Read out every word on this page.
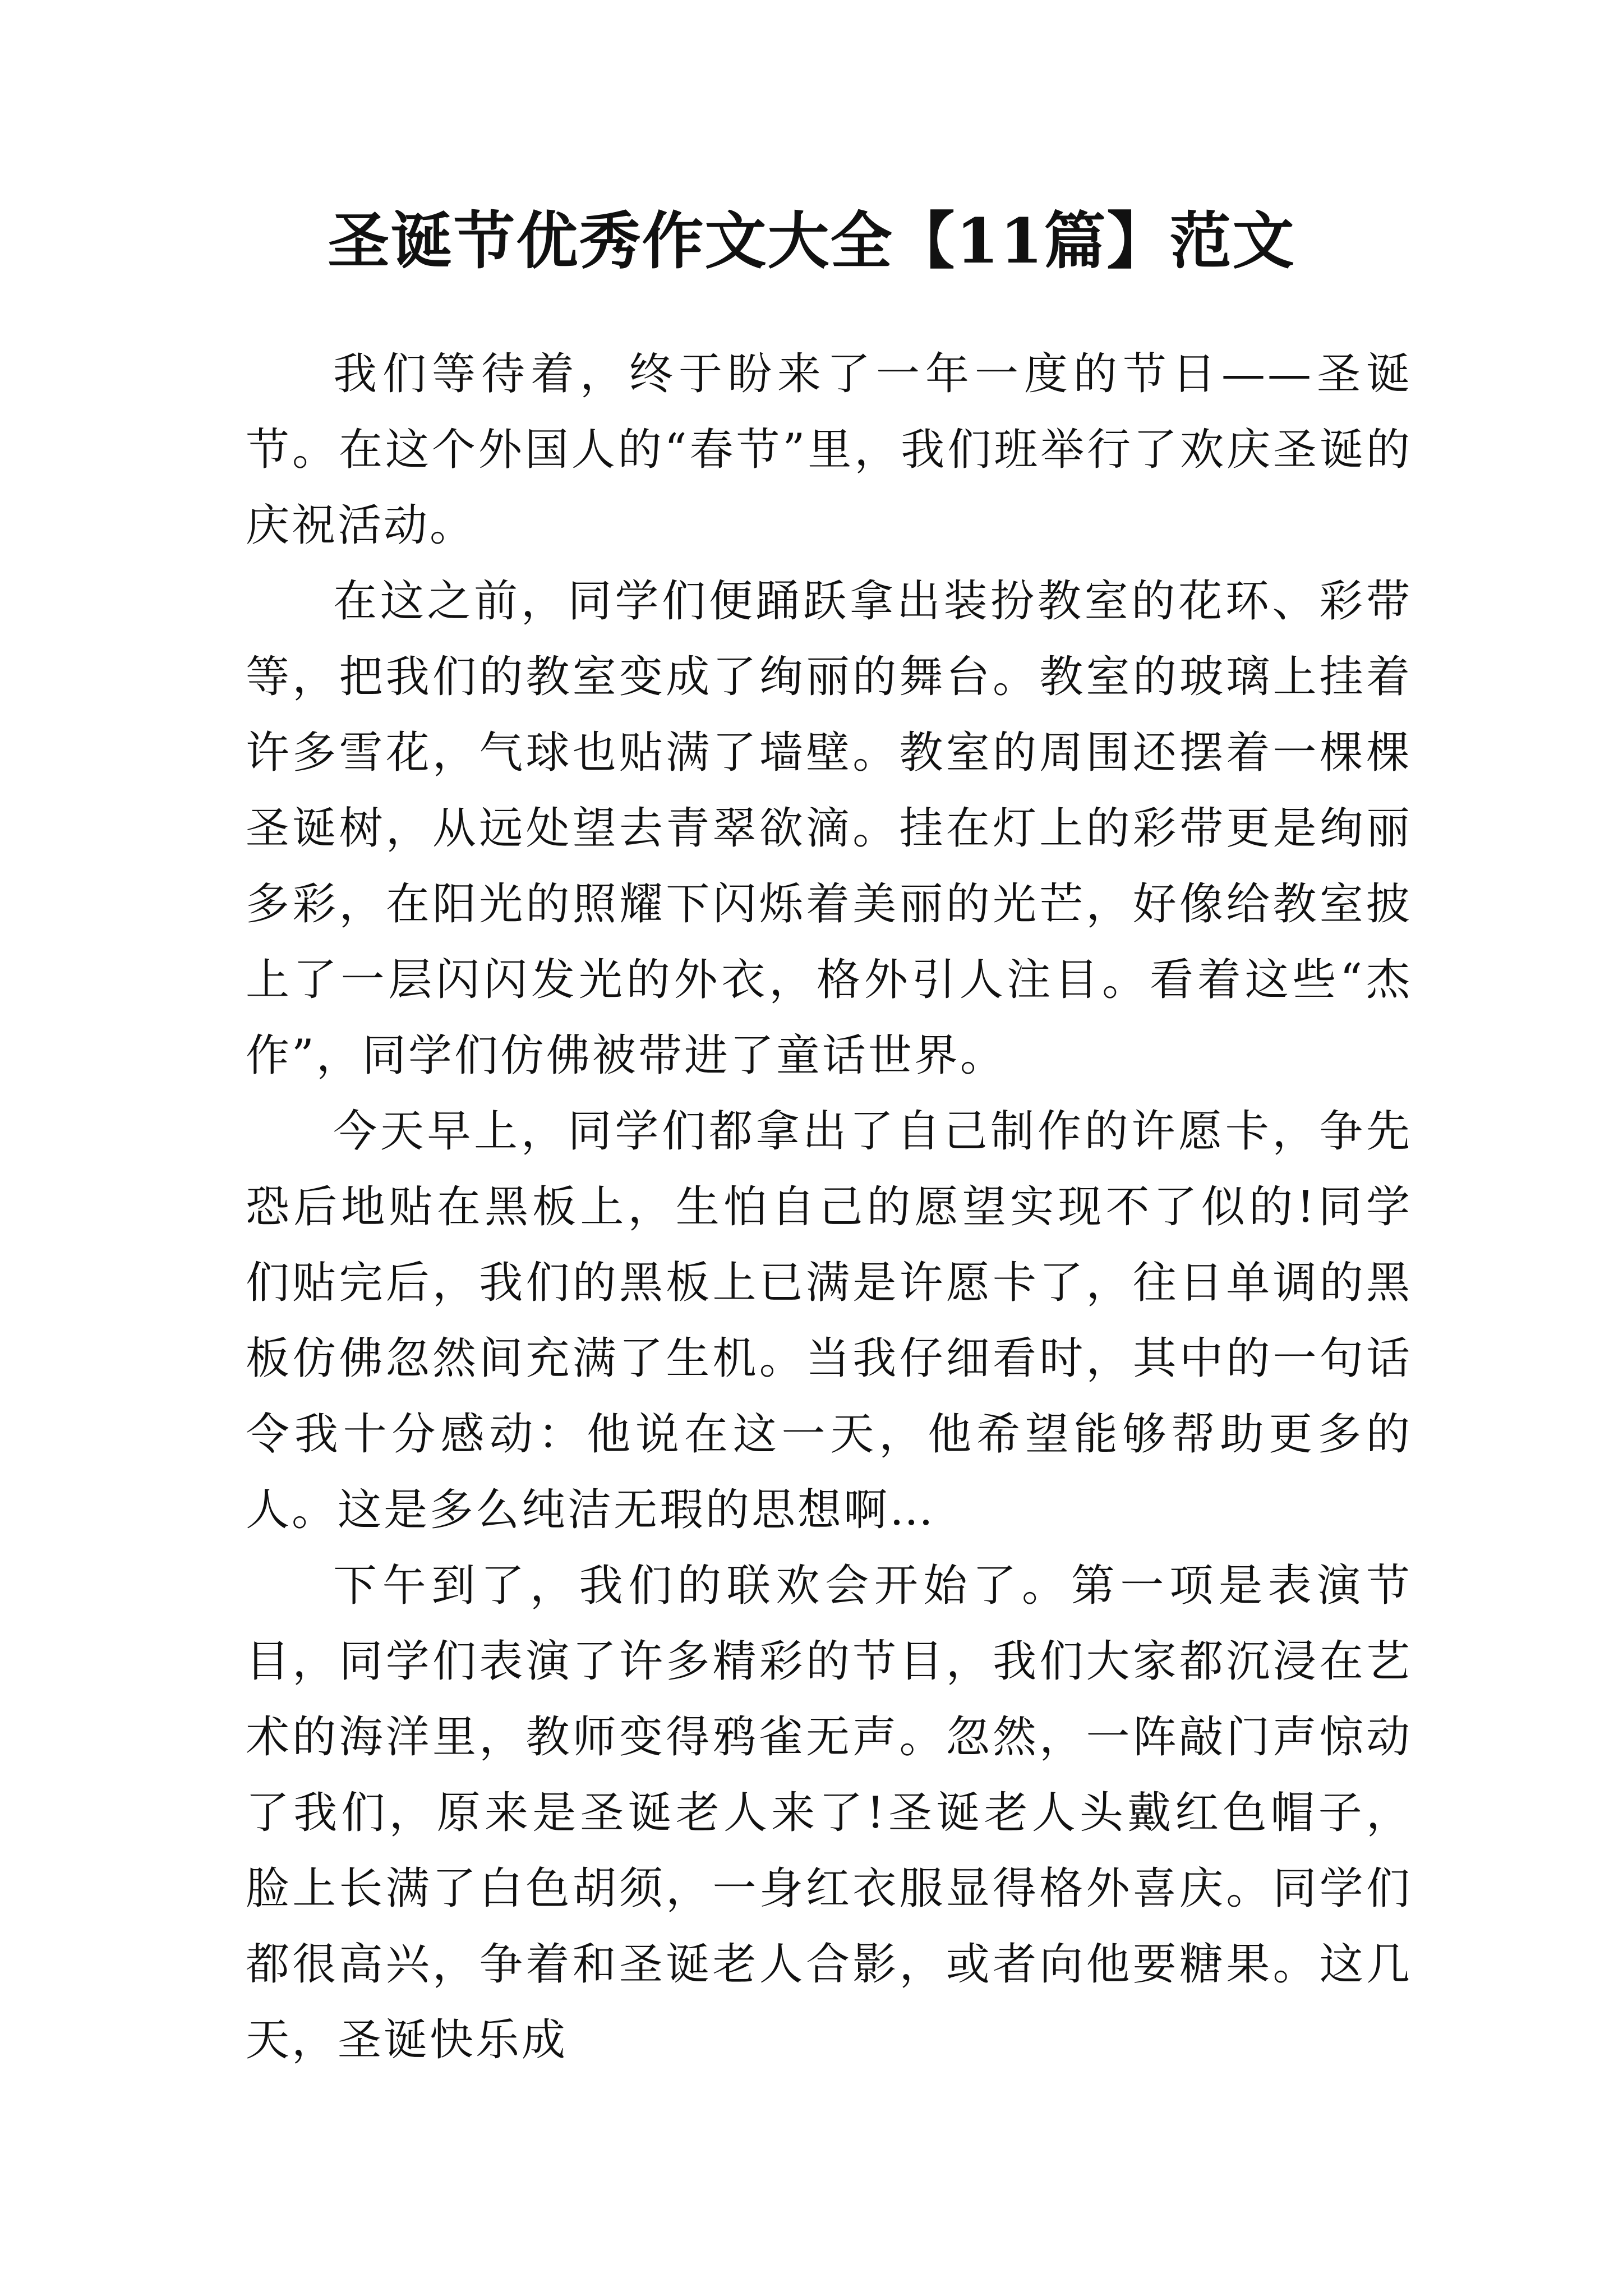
圣诞节优秀作文大全【11篇】范文

我们等待着，终于盼来了一年一度的节日——圣诞节。在这个外国人的“春节”里，我们班举行了欢庆圣诞的庆祝活动。

在这之前，同学们便踊跃拿出装扮教室的花环、彩带等，把我们的教室变成了绚丽的舞台。教室的玻璃上挂着许多雪花，气球也贴满了墙壁。教室的周围还摆着一棵棵圣诞树，从远处望去青翠欲滴。挂在灯上的彩带更是绚丽多彩，在阳光的照耀下闪烁着美丽的光芒，好像给教室披上了一层闪闪发光的外衣，格外引人注目。看着这些“杰作”，同学们仿佛被带进了童话世界。

今天早上，同学们都拿出了自己制作的许愿卡，争先恐后地贴在黑板上，生怕自己的愿望实现不了似的!同学们贴完后，我们的黑板上已满是许愿卡了，往日单调的黑板仿佛忽然间充满了生机。当我仔细看时，其中的一句话令我十分感动：他说在这一天，他希望能够帮助更多的人。这是多么纯洁无瑕的思想啊…

下午到了，我们的联欢会开始了。第一项是表演节目，同学们表演了许多精彩的节目，我们大家都沉浸在艺术的海洋里，教师变得鸦雀无声。忽然，一阵敲门声惊动了我们，原来是圣诞老人来了!圣诞老人头戴红色帽子，脸上长满了白色胡须，一身红衣服显得格外喜庆。同学们都很高兴，争着和圣诞老人合影，或者向他要糖果。这几天，圣诞快乐成
